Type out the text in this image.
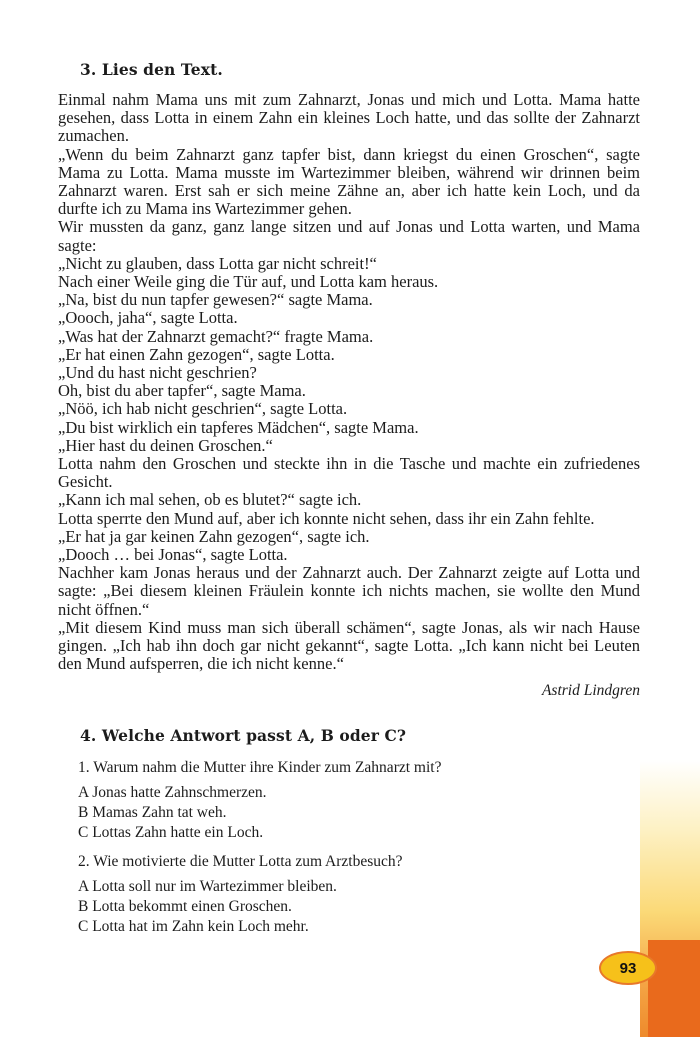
3. Lies den Text.

Einmal nahm Mama uns mit zum Zahnarzt, Jonas und mich und Lotta. Mama hatte gesehen, dass Lotta in einem Zahn ein kleines Loch hatte, und das sollte der Zahnarzt zumachen.

„Wenn du beim Zahnarzt ganz tapfer bist, dann kriegst du einen Groschen“, sagte Mama zu Lotta. Mama musste im Wartezimmer bleiben, während wir drinnen beim Zahnarzt waren. Erst sah er sich meine Zähne an, aber ich hatte kein Loch, und da durfte ich zu Mama ins Wartezimmer gehen.

Wir mussten da ganz, ganz lange sitzen und auf Jonas und Lotta warten, und Mama sagte:

„Nicht zu glauben, dass Lotta gar nicht schreit!“

Nach einer Weile ging die Tür auf, und Lotta kam heraus.

„Na, bist du nun tapfer gewesen?“ sagte Mama.

„Oooch, jaha“, sagte Lotta.

„Was hat der Zahnarzt gemacht?“ fragte Mama.

„Er hat einen Zahn gezogen“, sagte Lotta.

„Und du hast nicht geschrien?

Oh, bist du aber tapfer“, sagte Mama.

„Nöö, ich hab nicht geschrien“, sagte Lotta.

„Du bist wirklich ein tapferes Mädchen“, sagte Mama.

„Hier hast du deinen Groschen.“

Lotta nahm den Groschen und steckte ihn in die Tasche und machte ein zufriedenes Gesicht.

„Kann ich mal sehen, ob es blutet?“ sagte ich.

Lotta sperrte den Mund auf, aber ich konnte nicht sehen, dass ihr ein Zahn fehlte.

„Er hat ja gar keinen Zahn gezogen“, sagte ich.

„Dooch … bei Jonas“, sagte Lotta.

Nachher kam Jonas heraus und der Zahnarzt auch. Der Zahnarzt zeigte auf Lotta und sagte: „Bei diesem kleinen Fräulein konnte ich nichts machen, sie wollte den Mund nicht öffnen.“

„Mit diesem Kind muss man sich überall schämen“, sagte Jonas, als wir nach Hause gingen. „Ich hab ihn doch gar nicht gekannt“, sagte Lotta. „Ich kann nicht bei Leuten den Mund aufsperren, die ich nicht kenne.“

Astrid Lindgren

4. Welche Antwort passt A, B oder C?

1. Warum nahm die Mutter ihre Kinder zum Zahnarzt mit?

A Jonas hatte Zahnschmerzen.
B Mamas Zahn tat weh.
C Lottas Zahn hatte ein Loch.

2. Wie motivierte die Mutter Lotta zum Arztbesuch?

A Lotta soll nur im Wartezimmer bleiben.
B Lotta bekommt einen Groschen.
C Lotta hat im Zahn kein Loch mehr.
93
